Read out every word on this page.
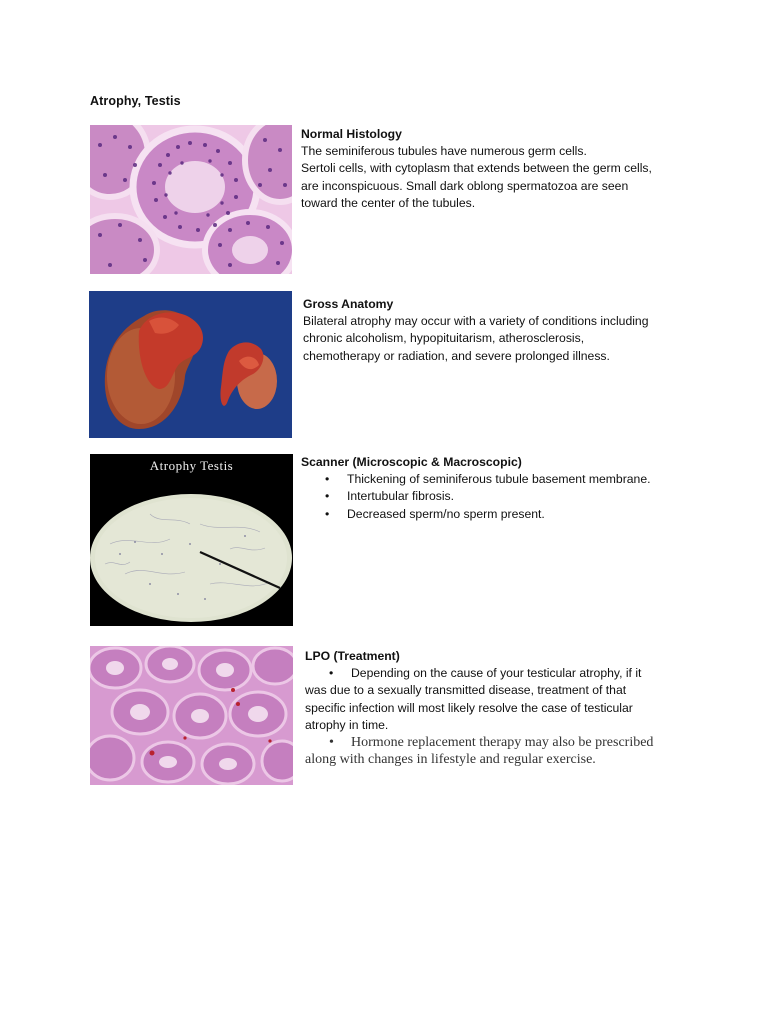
Atrophy, Testis

Normal Histology

The seminiferous tubules have numerous germ cells.

Sertoli cells, with cytoplasm that extends between the germ cells,

are inconspicuous. Small dark oblong spermatozoa are seen

toward the center of the tubules.

Gross Anatomy

Bilateral atrophy may occur with a variety of conditions including

chronic alcoholism, hypopituitarism, atherosclerosis,

chemotherapy or radiation, and severe prolonged illness.

Atrophy Testis	Scanner (Microscopic & Macroscopic)

• Thickening of seminiferous tubule basement membrane.
• Intertubular fibrosis.
• Decreased sperm/no sperm present.

LPO (Treatment)

• Depending on the cause of your testicular atrophy, if it

was due to a sexually transmitted disease, treatment of that

specific infection will most likely resolve the case of testicular

atrophy in time.

• Hormone replacement therapy may also be prescribed

along with changes in lifestyle and regular exercise.
